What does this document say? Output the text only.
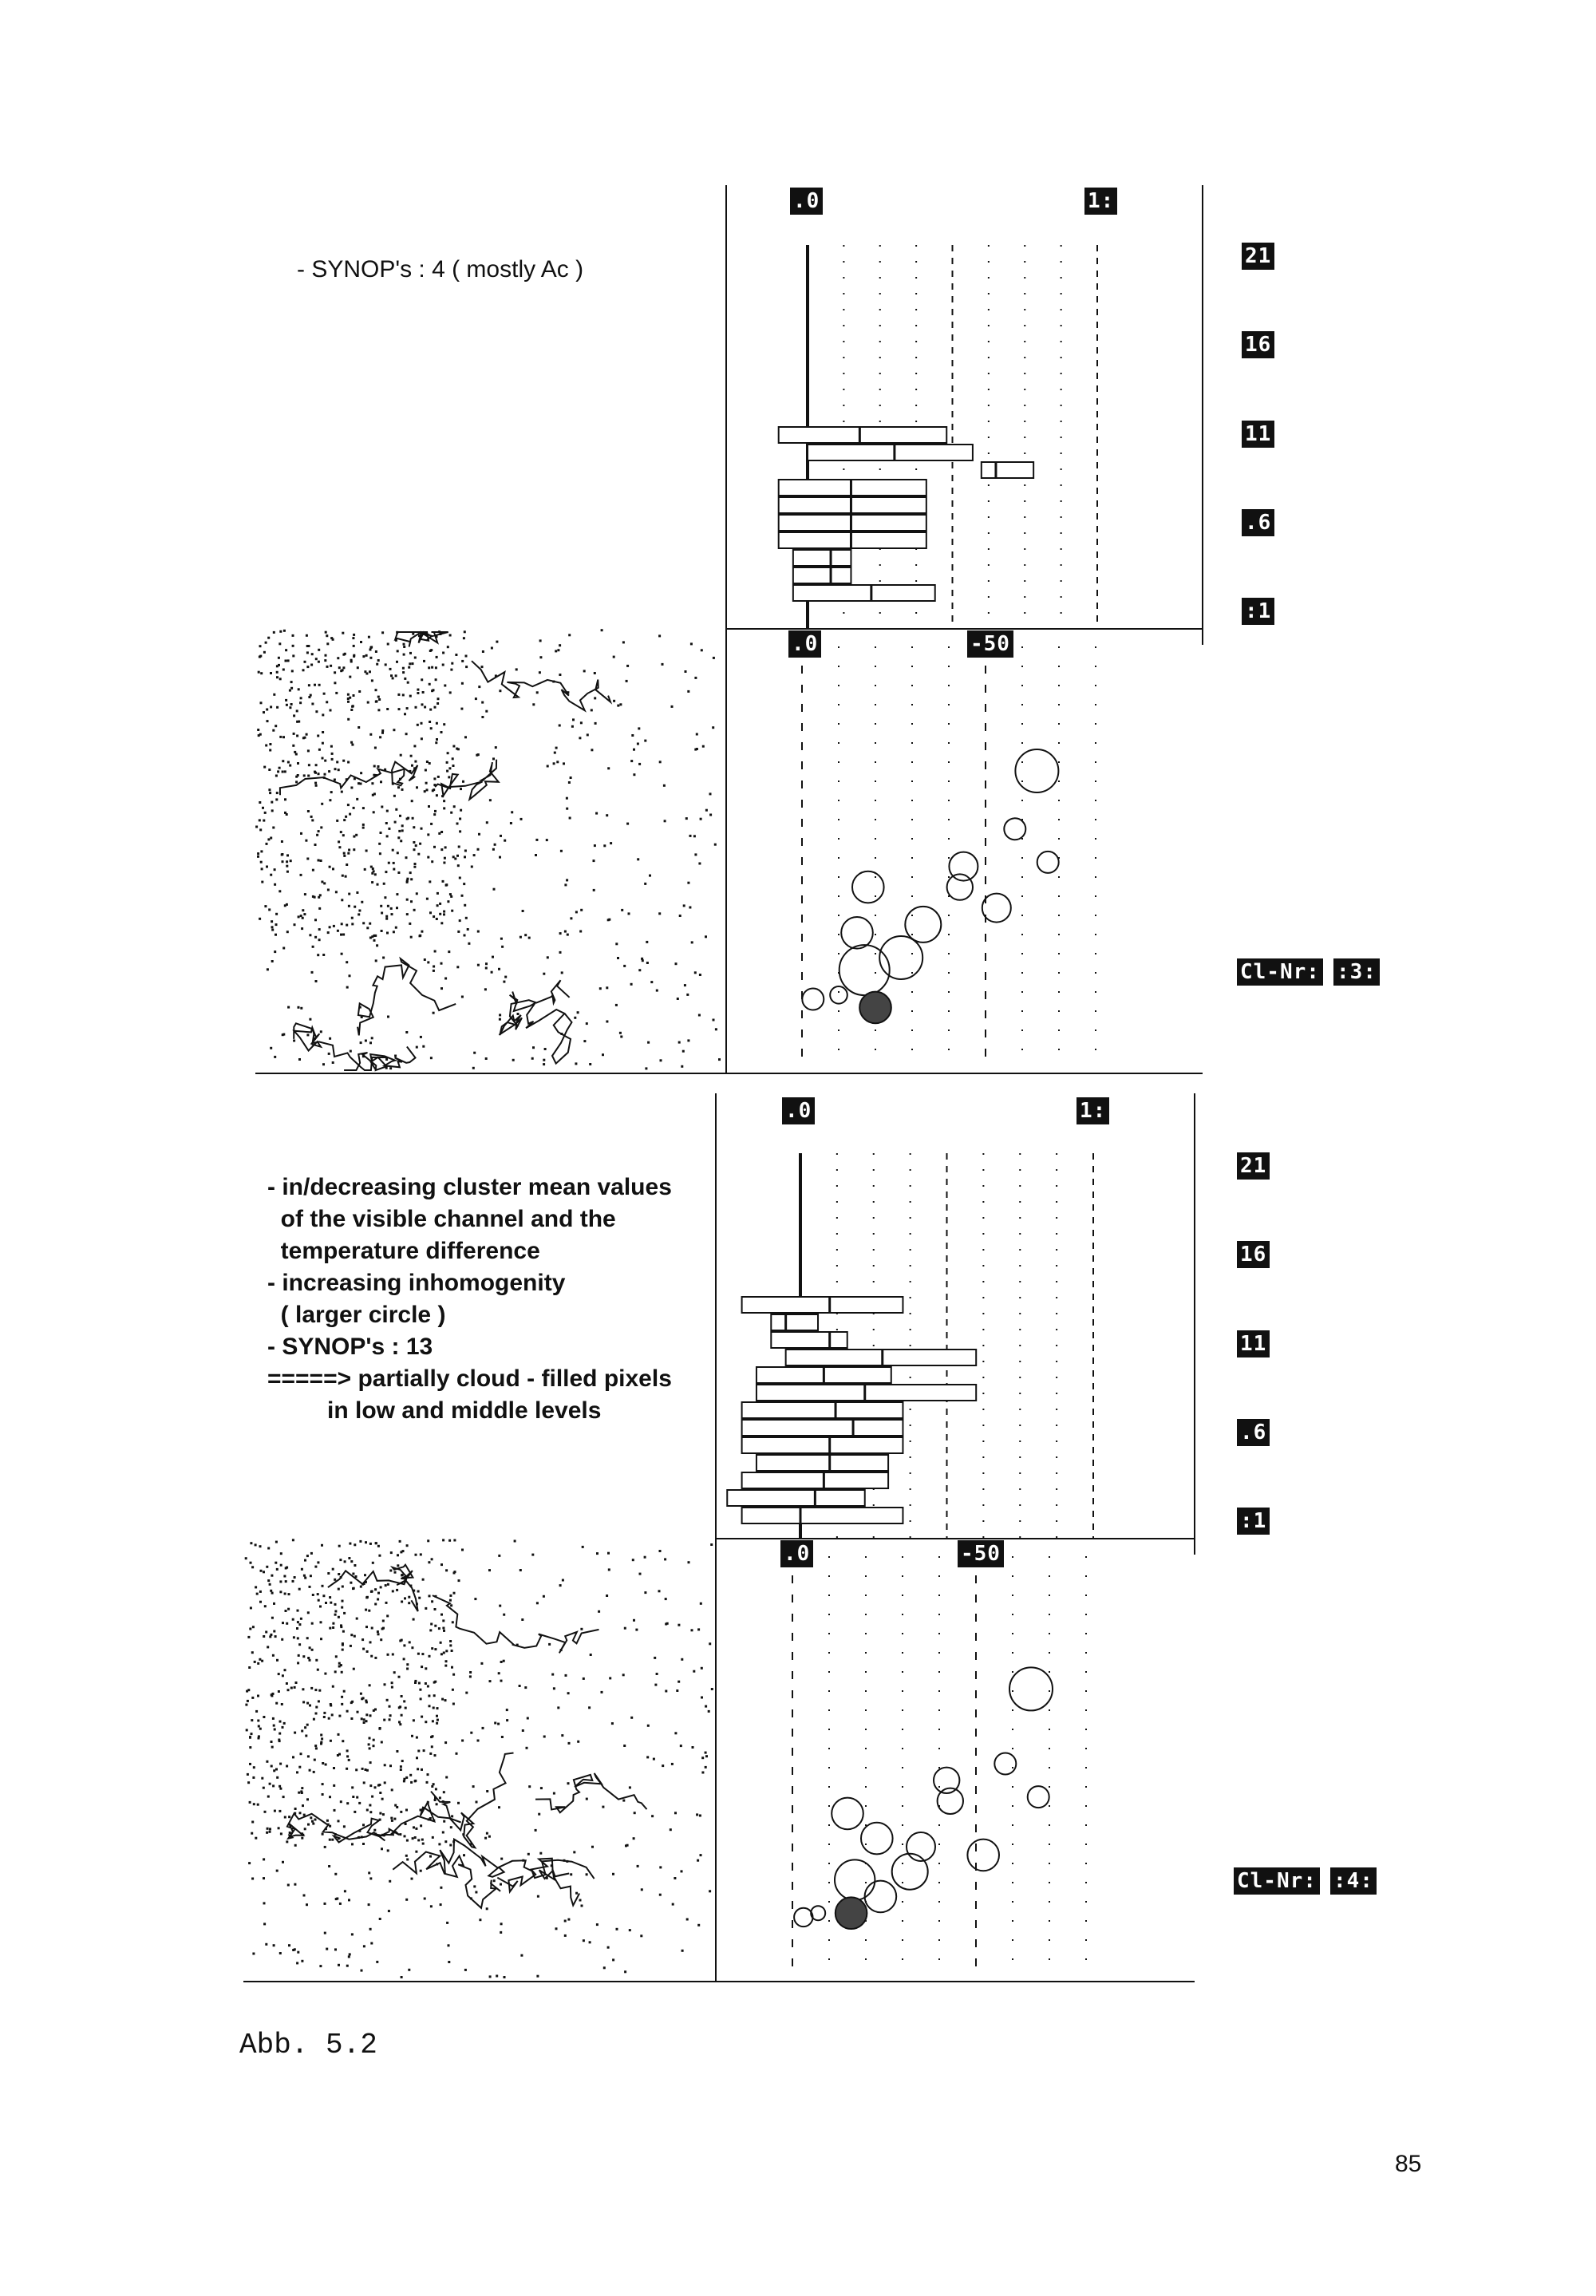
- SYNOP's : 4 ( mostly Ac )
.0	1:
.0	-50
21
16
11
.6
:1
Cl-Nr: :3:
- in/decreasing cluster mean values
of the visible channel and the
temperature difference
- increasing inhomogenity
( larger circle )
- SYNOP's : 13
=====> partially cloud - filled pixels
in low and middle levels
.0	1:
.0	-50
21
16
11
.6
:1
Cl-Nr: :4:
Abb. 5.2
85
